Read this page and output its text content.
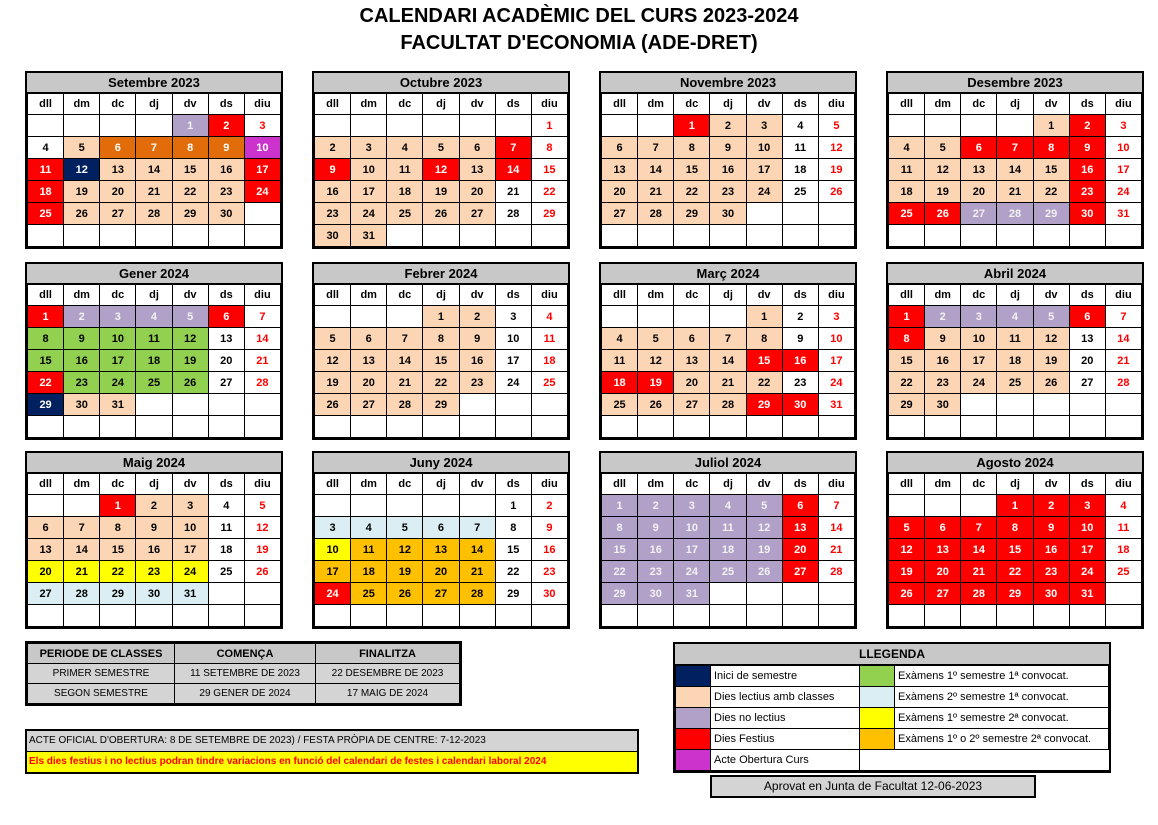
CALENDARI ACADÈMIC DEL CURS 2023-2024
FACULTAT D'ECONOMIA (ADE-DRET)
Setembre 2023
dll	dm	dc	dj	dv	ds	diu
				1	2	3
4	5	6	7	8	9	10
11	12	13	14	15	16	17
18	19	20	21	22	23	24
25	26	27	28	29	30	

Octubre 2023
dll	dm	dc	dj	dv	ds	diu
						1
2	3	4	5	6	7	8
9	10	11	12	13	14	15
16	17	18	19	20	21	22
23	24	25	26	27	28	29
30	31					
Novembre 2023
dll	dm	dc	dj	dv	ds	diu
		1	2	3	4	5
6	7	8	9	10	11	12
13	14	15	16	17	18	19
20	21	22	23	24	25	26
27	28	29	30			

Desembre 2023
dll	dm	dc	dj	dv	ds	diu
				1	2	3
4	5	6	7	8	9	10
11	12	13	14	15	16	17
18	19	20	21	22	23	24
25	26	27	28	29	30	31

Gener 2024
dll	dm	dc	dj	dv	ds	diu
1	2	3	4	5	6	7
8	9	10	11	12	13	14
15	16	17	18	19	20	21
22	23	24	25	26	27	28
29	30	31				

Febrer 2024
dll	dm	dc	dj	dv	ds	diu
			1	2	3	4
5	6	7	8	9	10	11
12	13	14	15	16	17	18
19	20	21	22	23	24	25
26	27	28	29			

Març 2024
dll	dm	dc	dj	dv	ds	diu
				1	2	3
4	5	6	7	8	9	10
11	12	13	14	15	16	17
18	19	20	21	22	23	24
25	26	27	28	29	30	31

Abril 2024
dll	dm	dc	dj	dv	ds	diu
1	2	3	4	5	6	7
8	9	10	11	12	13	14
15	16	17	18	19	20	21
22	23	24	25	26	27	28
29	30					

Maig 2024
dll	dm	dc	dj	dv	ds	diu
		1	2	3	4	5
6	7	8	9	10	11	12
13	14	15	16	17	18	19
20	21	22	23	24	25	26
27	28	29	30	31		

Juny 2024
dll	dm	dc	dj	dv	ds	diu
					1	2
3	4	5	6	7	8	9
10	11	12	13	14	15	16
17	18	19	20	21	22	23
24	25	26	27	28	29	30

Juliol 2024
dll	dm	dc	dj	dv	ds	diu
1	2	3	4	5	6	7
8	9	10	11	12	13	14
15	16	17	18	19	20	21
22	23	24	25	26	27	28
29	30	31				

Agosto 2024
dll	dm	dc	dj	dv	ds	diu
			1	2	3	4
5	6	7	8	9	10	11
12	13	14	15	16	17	18
19	20	21	22	23	24	25
26	27	28	29	30	31	

PERIODE DE CLASSES	COMENÇA	FINALITZA
PRIMER SEMESTRE	11 SETEMBRE DE 2023	22 DESEMBRE DE 2023
SEGON SEMESTRE	29 GENER DE 2024	17 MAIG DE 2024
ACTE OFICIAL D'OBERTURA: 8 DE SETEMBRE DE 2023) / FESTA PRÒPIA DE CENTRE: 7-12-2023
Els dies festius i no lectius podran tindre variacions en funció del calendari de festes i calendari laboral 2024
LLEGENDA
	Inici de semestre		Exàmens 1º semestre 1ª convocat.
	Dies lectius amb classes		Exàmens 2º semestre 1ª convocat.
	Dies no lectius		Exàmens 1º semestre 2ª convocat.
	Dies Festius		Exàmens 1º o 2º semestre 2ª convocat.
	Acte Obertura Curs		
Aprovat en Junta de Facultat 12-06-2023
